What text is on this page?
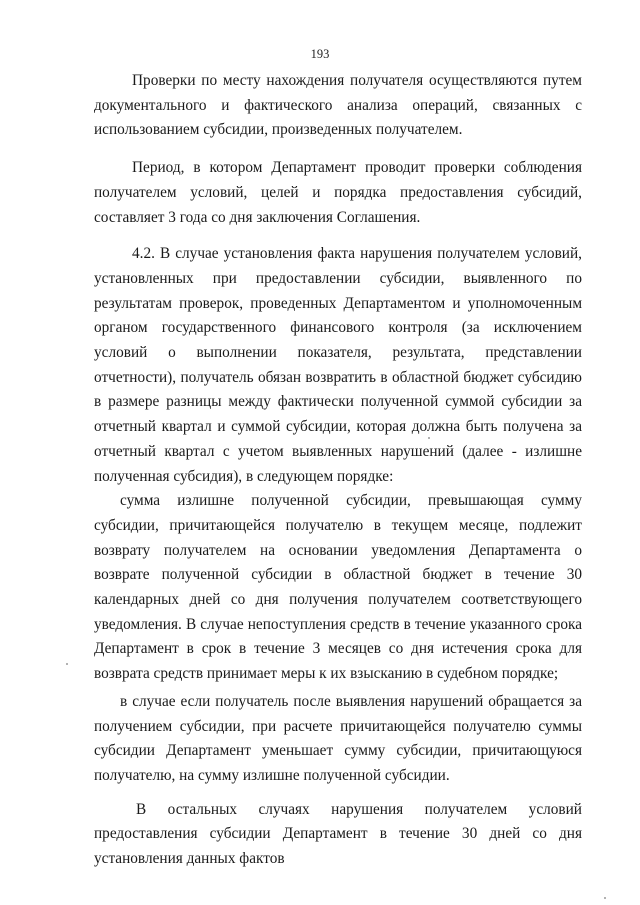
193

Проверки по месту нахождения получателя осуществляются путем документального и фактического анализа операций, связанных с использованием субсидии, произведенных получателем.

Период, в котором Департамент проводит проверки соблюдения получателем условий, целей и порядка предоставления субсидий, составляет 3 года со дня заключения Соглашения.

4.2. В случае установления факта нарушения получателем условий, установленных при предоставлении субсидии, выявленного по результатам проверок, проведенных Департаментом и уполномоченным органом государственного финансового контроля (за исключением условий о выполнении показателя, результата, представлении отчетности), получатель обязан возвратить в областной бюджет субсидию в размере разницы между фактически полученной суммой субсидии за отчетный квартал и суммой субсидии, которая должна быть получена за отчетный квартал с учетом выявленных нарушений (далее - излишне полученная субсидия), в следующем порядке:

сумма излишне полученной субсидии, превышающая сумму субсидии, причитающейся получателю в текущем месяце, подлежит возврату получателем на основании уведомления Департамента о возврате полученной субсидии в областной бюджет в течение 30 календарных дней со дня получения получателем соответствующего уведомления. В случае непоступления средств в течение указанного срока Департамент в срок в течение 3 месяцев со дня истечения срока для возврата средств принимает меры к их взысканию в судебном порядке;

в случае если получатель после выявления нарушений обращается за получением субсидии, при расчете причитающейся получателю суммы субсидии Департамент уменьшает сумму субсидии, причитающуюся получателю, на сумму излишне полученной субсидии.

В остальных случаях нарушения получателем условий предоставления субсидии Департамент в течение 30 дней со дня установления данных фактов
